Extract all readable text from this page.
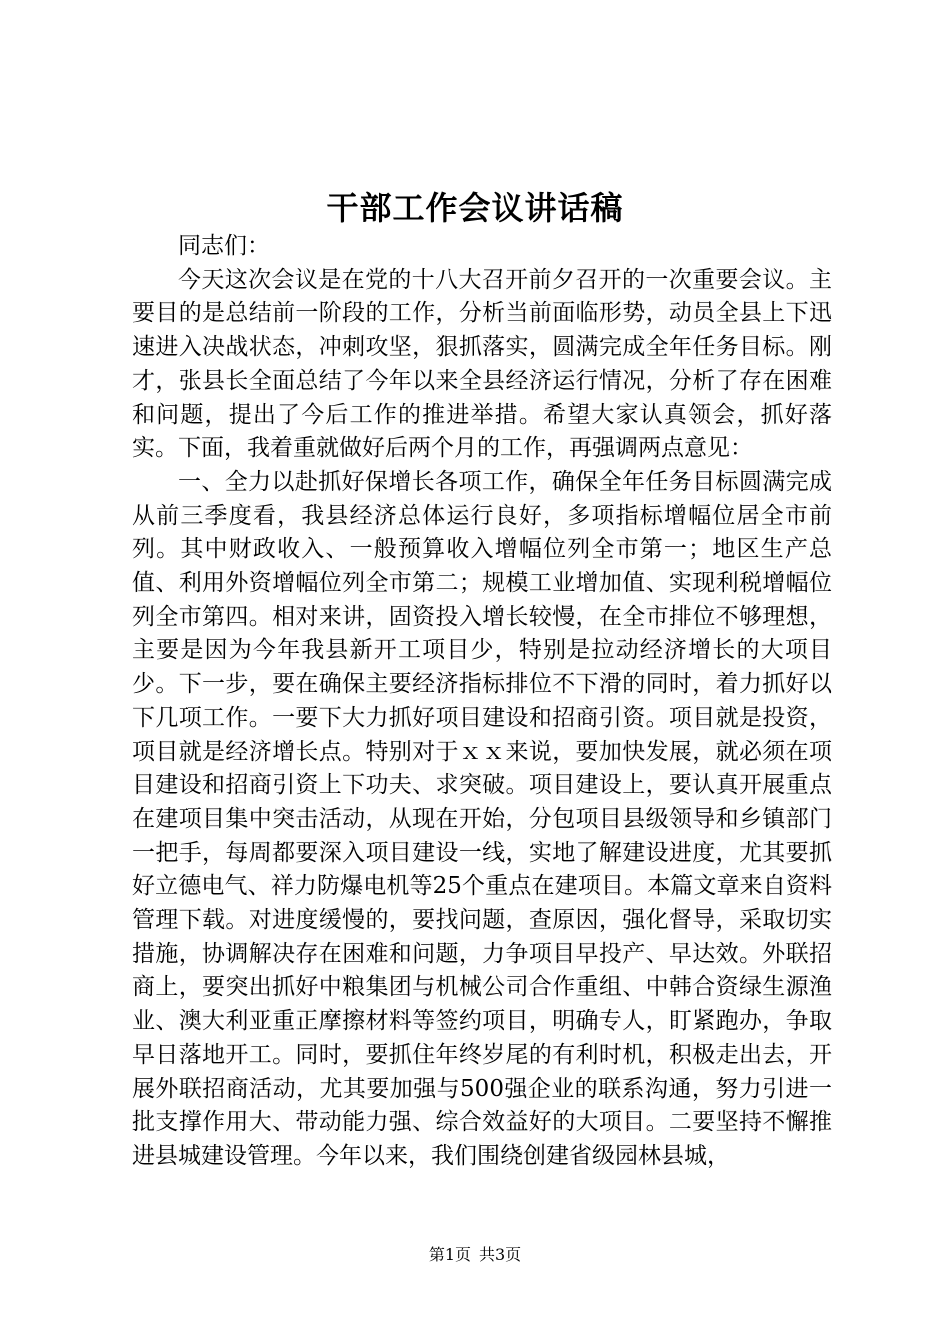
干部工作会议讲话稿

同志们：

今天这次会议是在党的十八大召开前夕召开的一次重要会议。主要目的是总结前一阶段的工作，分析当前面临形势，动员全县上下迅速进入决战状态，冲刺攻坚，狠抓落实，圆满完成全年任务目标。刚才，张县长全面总结了今年以来全县经济运行情况，分析了存在困难和问题，提出了今后工作的推进举措。希望大家认真领会，抓好落实。下面，我着重就做好后两个月的工作，再强调两点意见：

一、全力以赴抓好保增长各项工作，确保全年任务目标圆满完成从前三季度看，我县经济总体运行良好，多项指标增幅位居全市前列。其中财政收入、一般预算收入增幅位列全市第一；地区生产总值、利用外资增幅位列全市第二；规模工业增加值、实现利税增幅位列全市第四。相对来讲，固资投入增长较慢，在全市排位不够理想，主要是因为今年我县新开工项目少，特别是拉动经济增长的大项目少。下一步，要在确保主要经济指标排位不下滑的同时，着力抓好以下几项工作。一要下大力抓好项目建设和招商引资。项目就是投资，项目就是经济增长点。特别对于ｘｘ来说，要加快发展，就必须在项目建设和招商引资上下功夫、求突破。项目建设上，要认真开展重点在建项目集中突击活动，从现在开始，分包项目县级领导和乡镇部门一把手，每周都要深入项目建设一线，实地了解建设进度，尤其要抓好立德电气、祥力防爆电机等25个重点在建项目。本篇文章来自资料管理下载。对进度缓慢的，要找问题，查原因，强化督导，采取切实措施，协调解决存在困难和问题，力争项目早投产、早达效。外联招商上，要突出抓好中粮集团与机械公司合作重组、中韩合资绿生源渔业、澳大利亚重正摩擦材料等签约项目，明确专人，盯紧跑办，争取早日落地开工。同时，要抓住年终岁尾的有利时机，积极走出去，开展外联招商活动，尤其要加强与500强企业的联系沟通，努力引进一批支撑作用大、带动能力强、综合效益好的大项目。二要坚持不懈推进县城建设管理。今年以来，我们围绕创建省级园林县城，

第1页 共3页
